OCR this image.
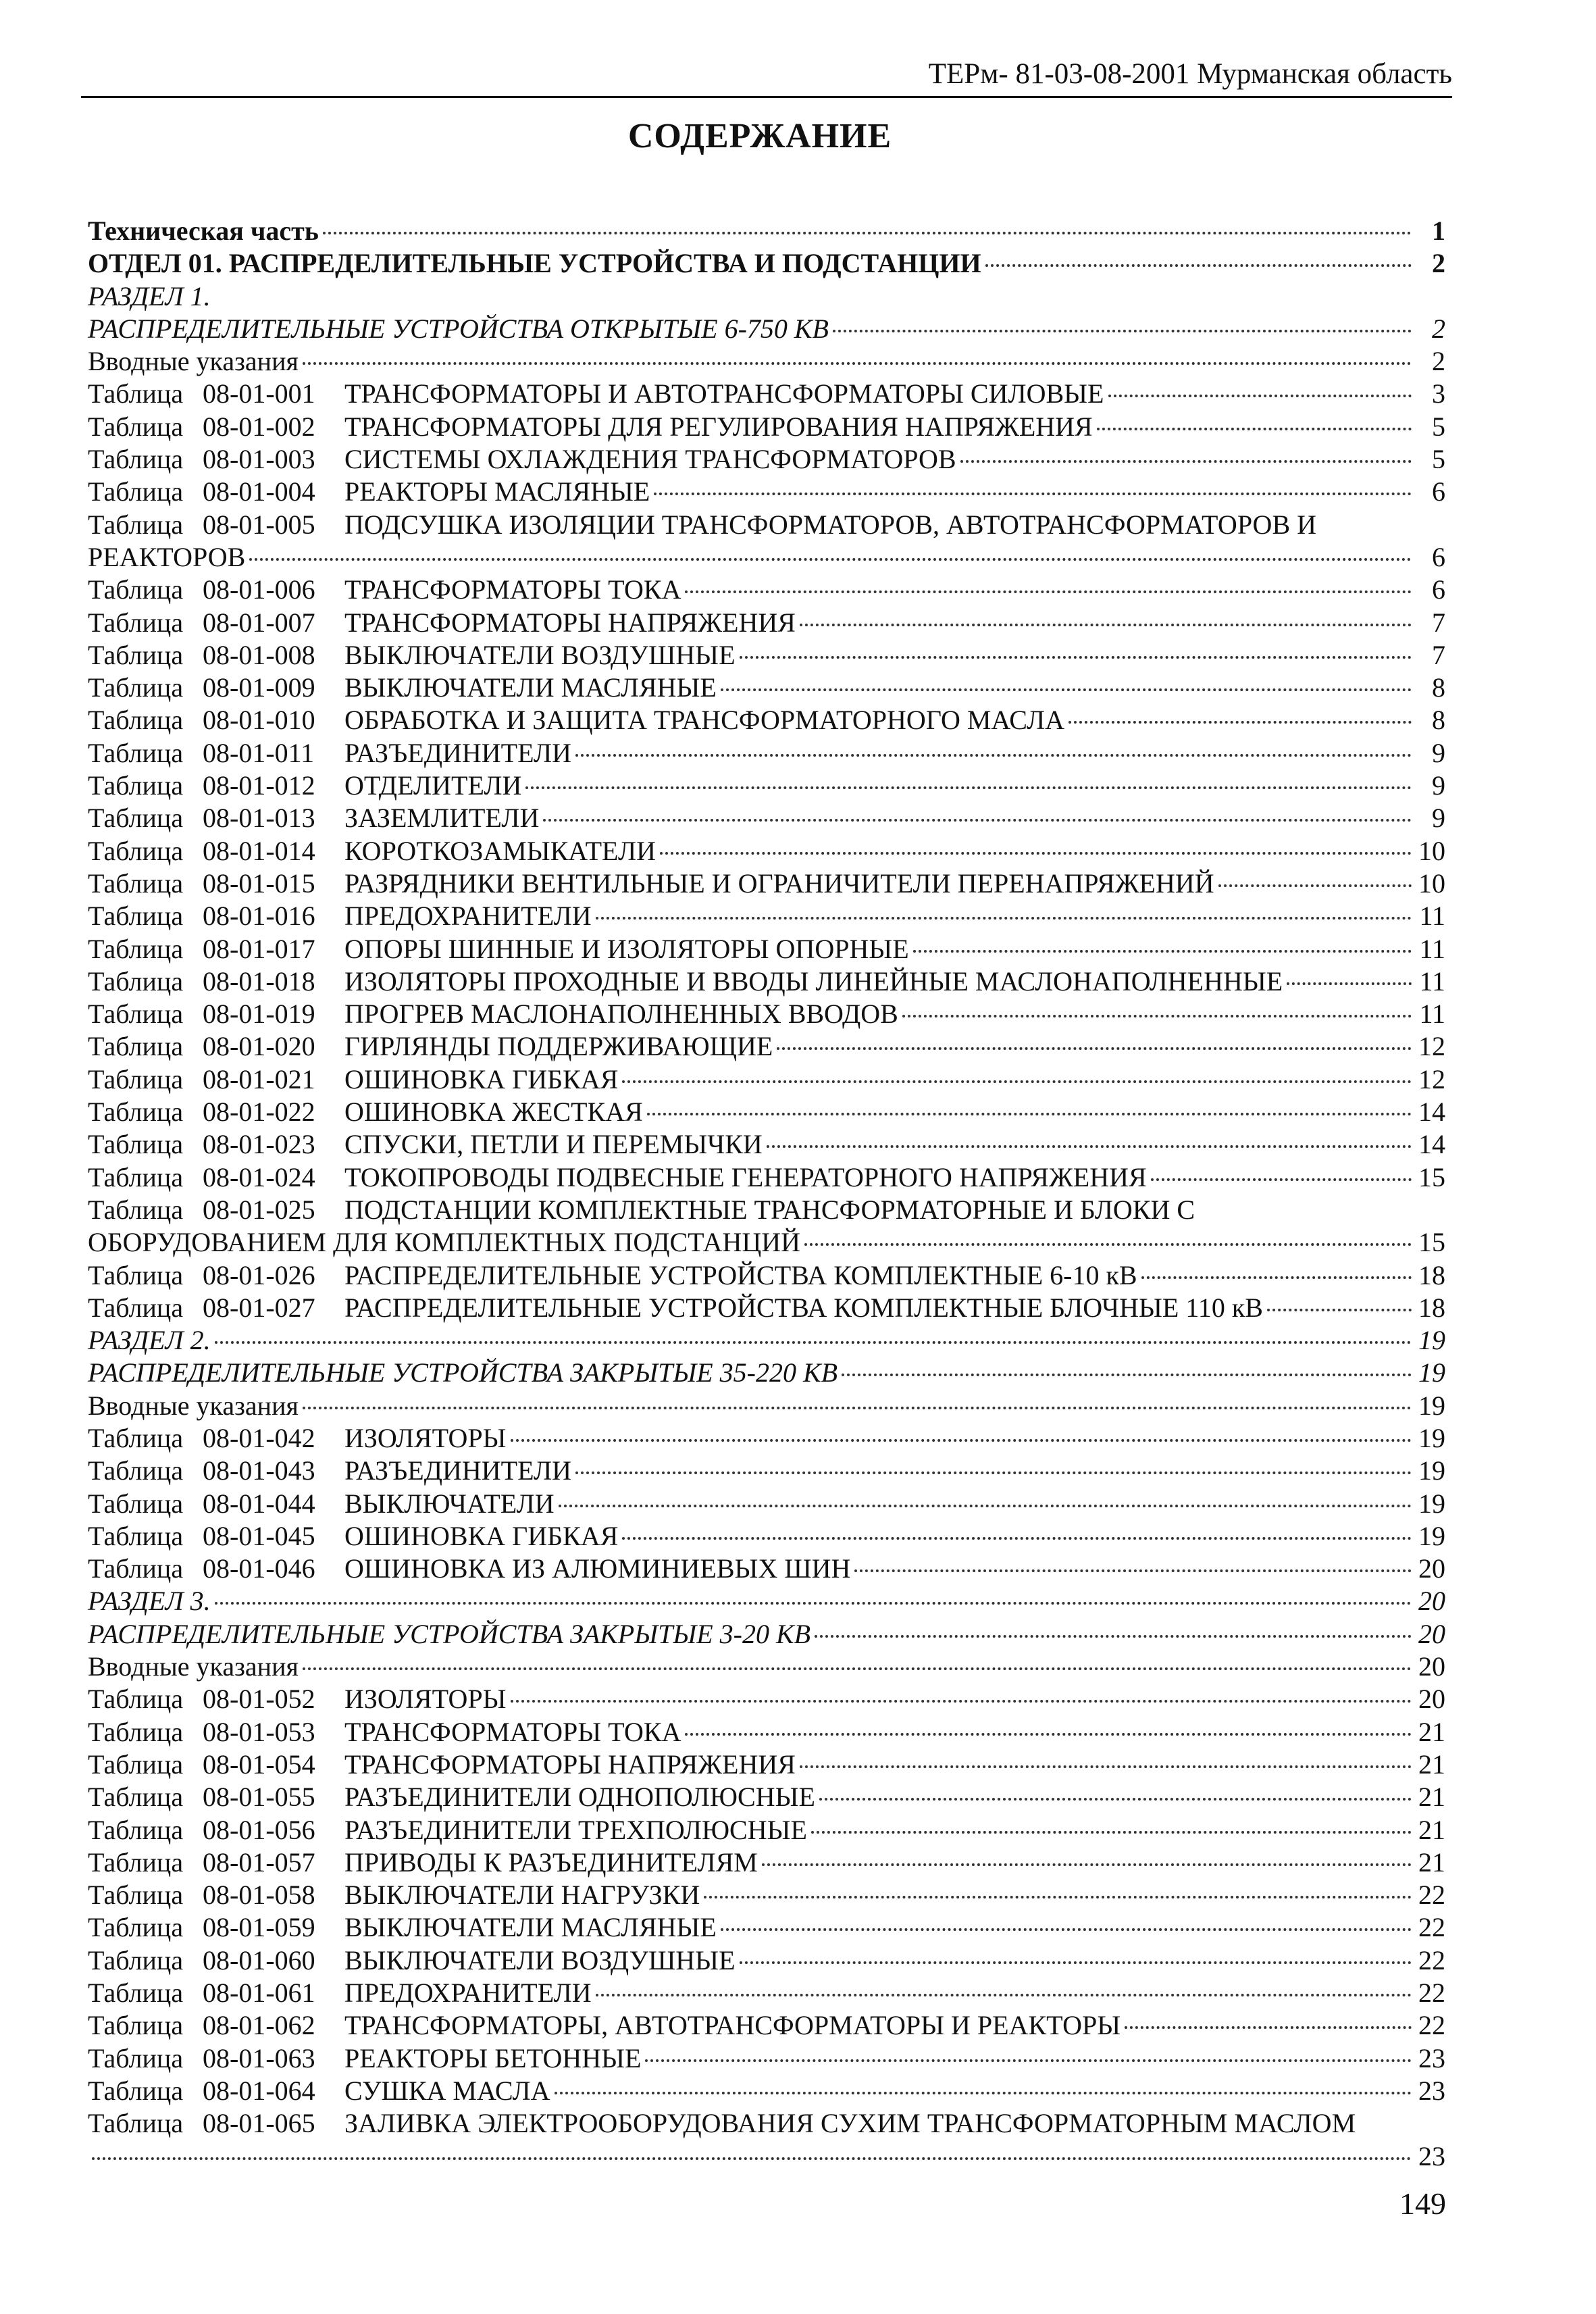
ТЕРм- 81-03-08-2001 Мурманская область
СОДЕРЖАНИЕ
Техническая часть	1
ОТДЕЛ 01. РАСПРЕДЕЛИТЕЛЬНЫЕ УСТРОЙСТВА И ПОДСТАНЦИИ	2
РАЗДЕЛ 1.
РАСПРЕДЕЛИТЕЛЬНЫЕ УСТРОЙСТВА ОТКРЫТЫЕ 6-750 КВ	2
Вводные указания	2
Таблица 08-01-001	ТРАНСФОРМАТОРЫ И АВТОТРАНСФОРМАТОРЫ СИЛОВЫЕ	3
Таблица 08-01-002	ТРАНСФОРМАТОРЫ ДЛЯ РЕГУЛИРОВАНИЯ НАПРЯЖЕНИЯ	5
Таблица 08-01-003	СИСТЕМЫ ОХЛАЖДЕНИЯ ТРАНСФОРМАТОРОВ	5
Таблица 08-01-004	РЕАКТОРЫ МАСЛЯНЫЕ	6
Таблица 08-01-005 ПОДСУШКА ИЗОЛЯЦИИ ТРАНСФОРМАТОРОВ, АВТОТРАНСФОРМАТОРОВ И
РЕАКТОРОВ	6
Таблица 08-01-006	ТРАНСФОРМАТОРЫ ТОКА	6
Таблица 08-01-007	ТРАНСФОРМАТОРЫ НАПРЯЖЕНИЯ	7
Таблица 08-01-008	ВЫКЛЮЧАТЕЛИ ВОЗДУШНЫЕ	7
Таблица 08-01-009	ВЫКЛЮЧАТЕЛИ МАСЛЯНЫЕ	8
Таблица 08-01-010	ОБРАБОТКА И ЗАЩИТА ТРАНСФОРМАТОРНОГО МАСЛА	8
Таблица 08-01-011	РАЗЪЕДИНИТЕЛИ	9
Таблица 08-01-012	ОТДЕЛИТЕЛИ	9
Таблица 08-01-013	ЗАЗЕМЛИТЕЛИ	9
Таблица 08-01-014	КОРОТКОЗАМЫКАТЕЛИ	10
Таблица 08-01-015	РАЗРЯДНИКИ ВЕНТИЛЬНЫЕ И ОГРАНИЧИТЕЛИ ПЕРЕНАПРЯЖЕНИЙ	10
Таблица 08-01-016	ПРЕДОХРАНИТЕЛИ	11
Таблица 08-01-017	ОПОРЫ ШИННЫЕ И ИЗОЛЯТОРЫ ОПОРНЫЕ	11
Таблица 08-01-018	ИЗОЛЯТОРЫ ПРОХОДНЫЕ И ВВОДЫ ЛИНЕЙНЫЕ МАСЛОНАПОЛНЕННЫЕ	11
Таблица 08-01-019	ПРОГРЕВ МАСЛОНАПОЛНЕННЫХ ВВОДОВ	11
Таблица 08-01-020	ГИРЛЯНДЫ ПОДДЕРЖИВАЮЩИЕ	12
Таблица 08-01-021	ОШИНОВКА ГИБКАЯ	12
Таблица 08-01-022	ОШИНОВКА ЖЕСТКАЯ	14
Таблица 08-01-023	СПУСКИ, ПЕТЛИ И ПЕРЕМЫЧКИ	14
Таблица 08-01-024	ТОКОПРОВОДЫ ПОДВЕСНЫЕ ГЕНЕРАТОРНОГО НАПРЯЖЕНИЯ	15
Таблица 08-01-025 ПОДСТАНЦИИ КОМПЛЕКТНЫЕ ТРАНСФОРМАТОРНЫЕ И БЛОКИ С
ОБОРУДОВАНИЕМ ДЛЯ КОМПЛЕКТНЫХ ПОДСТАНЦИЙ	15
Таблица 08-01-026	РАСПРЕДЕЛИТЕЛЬНЫЕ УСТРОЙСТВА КОМПЛЕКТНЫЕ 6-10 кВ	18
Таблица 08-01-027	РАСПРЕДЕЛИТЕЛЬНЫЕ УСТРОЙСТВА КОМПЛЕКТНЫЕ БЛОЧНЫЕ 110 кВ	18
РАЗДЕЛ 2.	19
РАСПРЕДЕЛИТЕЛЬНЫЕ УСТРОЙСТВА ЗАКРЫТЫЕ 35-220 КВ	19
Вводные указания	19
Таблица 08-01-042	ИЗОЛЯТОРЫ	19
Таблица 08-01-043	РАЗЪЕДИНИТЕЛИ	19
Таблица 08-01-044	ВЫКЛЮЧАТЕЛИ	19
Таблица 08-01-045	ОШИНОВКА ГИБКАЯ	19
Таблица 08-01-046	ОШИНОВКА ИЗ АЛЮМИНИЕВЫХ ШИН	20
РАЗДЕЛ 3.	20
РАСПРЕДЕЛИТЕЛЬНЫЕ УСТРОЙСТВА ЗАКРЫТЫЕ 3-20 КВ	20
Вводные указания	20
Таблица 08-01-052	ИЗОЛЯТОРЫ	20
Таблица 08-01-053	ТРАНСФОРМАТОРЫ ТОКА	21
Таблица 08-01-054	ТРАНСФОРМАТОРЫ НАПРЯЖЕНИЯ	21
Таблица 08-01-055	РАЗЪЕДИНИТЕЛИ ОДНОПОЛЮСНЫЕ	21
Таблица 08-01-056	РАЗЪЕДИНИТЕЛИ ТРЕХПОЛЮСНЫЕ	21
Таблица 08-01-057	ПРИВОДЫ К РАЗЪЕДИНИТЕЛЯМ	21
Таблица 08-01-058	ВЫКЛЮЧАТЕЛИ НАГРУЗКИ	22
Таблица 08-01-059	ВЫКЛЮЧАТЕЛИ МАСЛЯНЫЕ	22
Таблица 08-01-060	ВЫКЛЮЧАТЕЛИ ВОЗДУШНЫЕ	22
Таблица 08-01-061	ПРЕДОХРАНИТЕЛИ	22
Таблица 08-01-062	ТРАНСФОРМАТОРЫ, АВТОТРАНСФОРМАТОРЫ И РЕАКТОРЫ	22
Таблица 08-01-063	РЕАКТОРЫ БЕТОННЫЕ	23
Таблица 08-01-064	СУШКА МАСЛА	23
Таблица 08-01-065 ЗАЛИВКА ЭЛЕКТРООБОРУДОВАНИЯ СУХИМ ТРАНСФОРМАТОРНЫМ МАСЛОМ
23
149
